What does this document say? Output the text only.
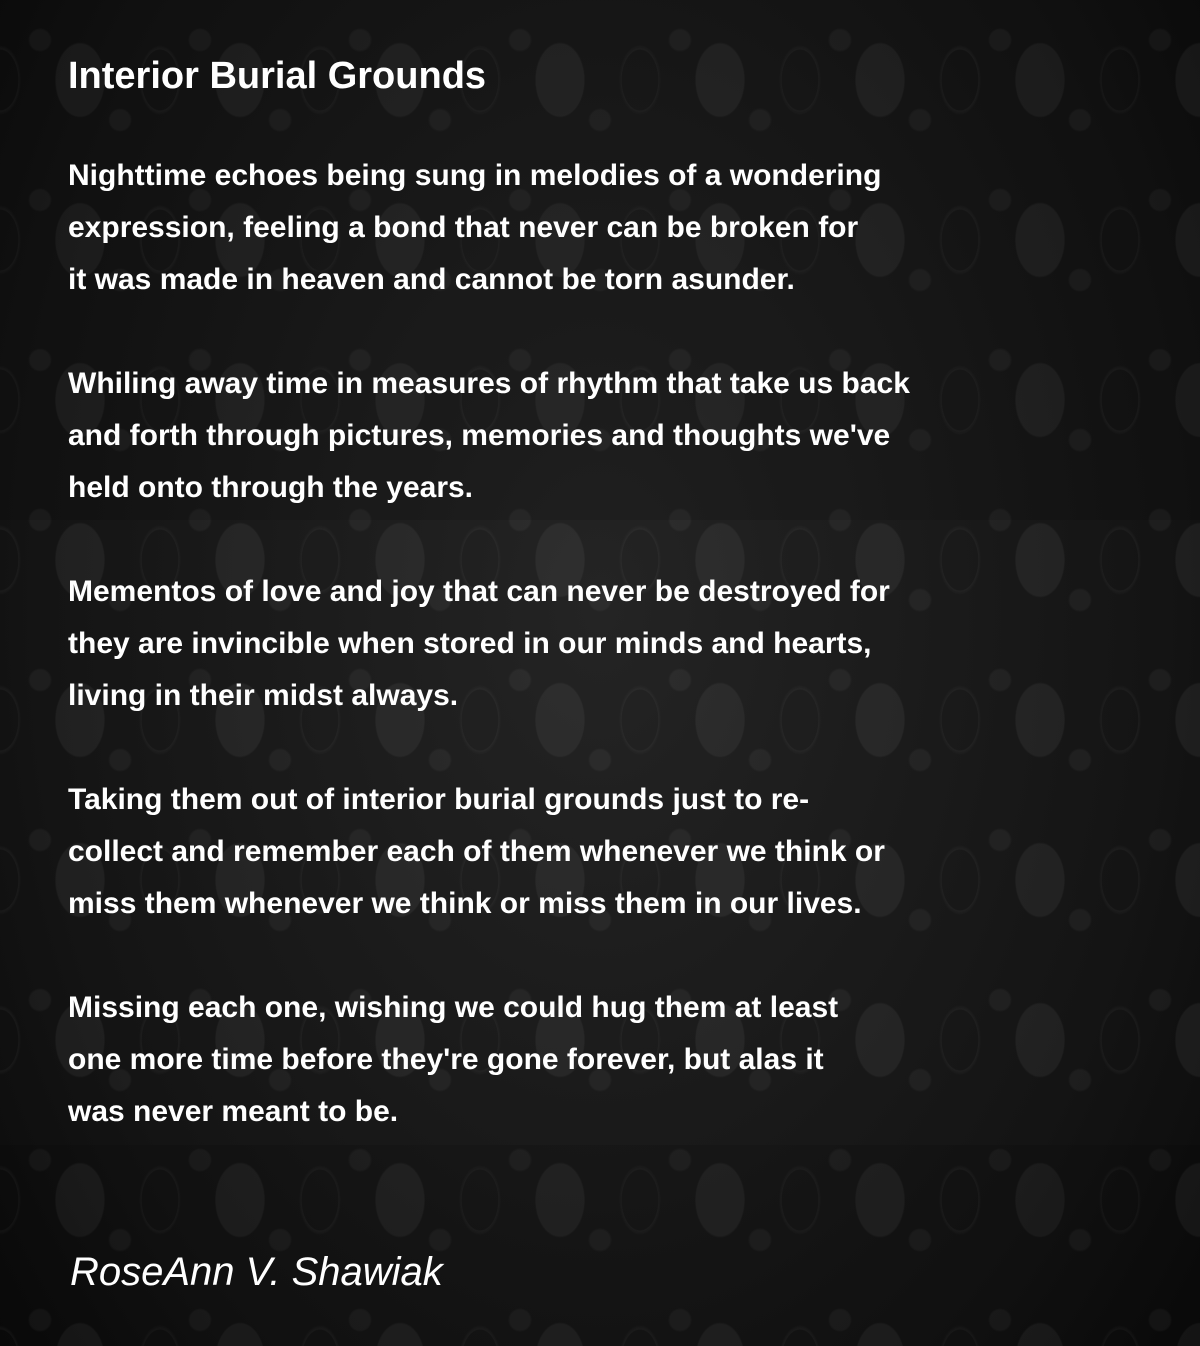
Interior Burial Grounds

Nighttime echoes being sung in melodies of a wondering
expression, feeling a bond that never can be broken for
it was made in heaven and cannot be torn asunder.

Whiling away time in measures of rhythm that take us back
and forth through pictures, memories and thoughts we've
held onto through the years.

Mementos of love and joy that can never be destroyed for
they are invincible when stored in our minds and hearts,
living in their midst always.

Taking them out of interior burial grounds just to re-
collect and remember each of them whenever we think or
miss them whenever we think or miss them in our lives.

Missing each one, wishing we could hug them at least
one more time before they're gone forever, but alas it
was never meant to be.

RoseAnn V. Shawiak
